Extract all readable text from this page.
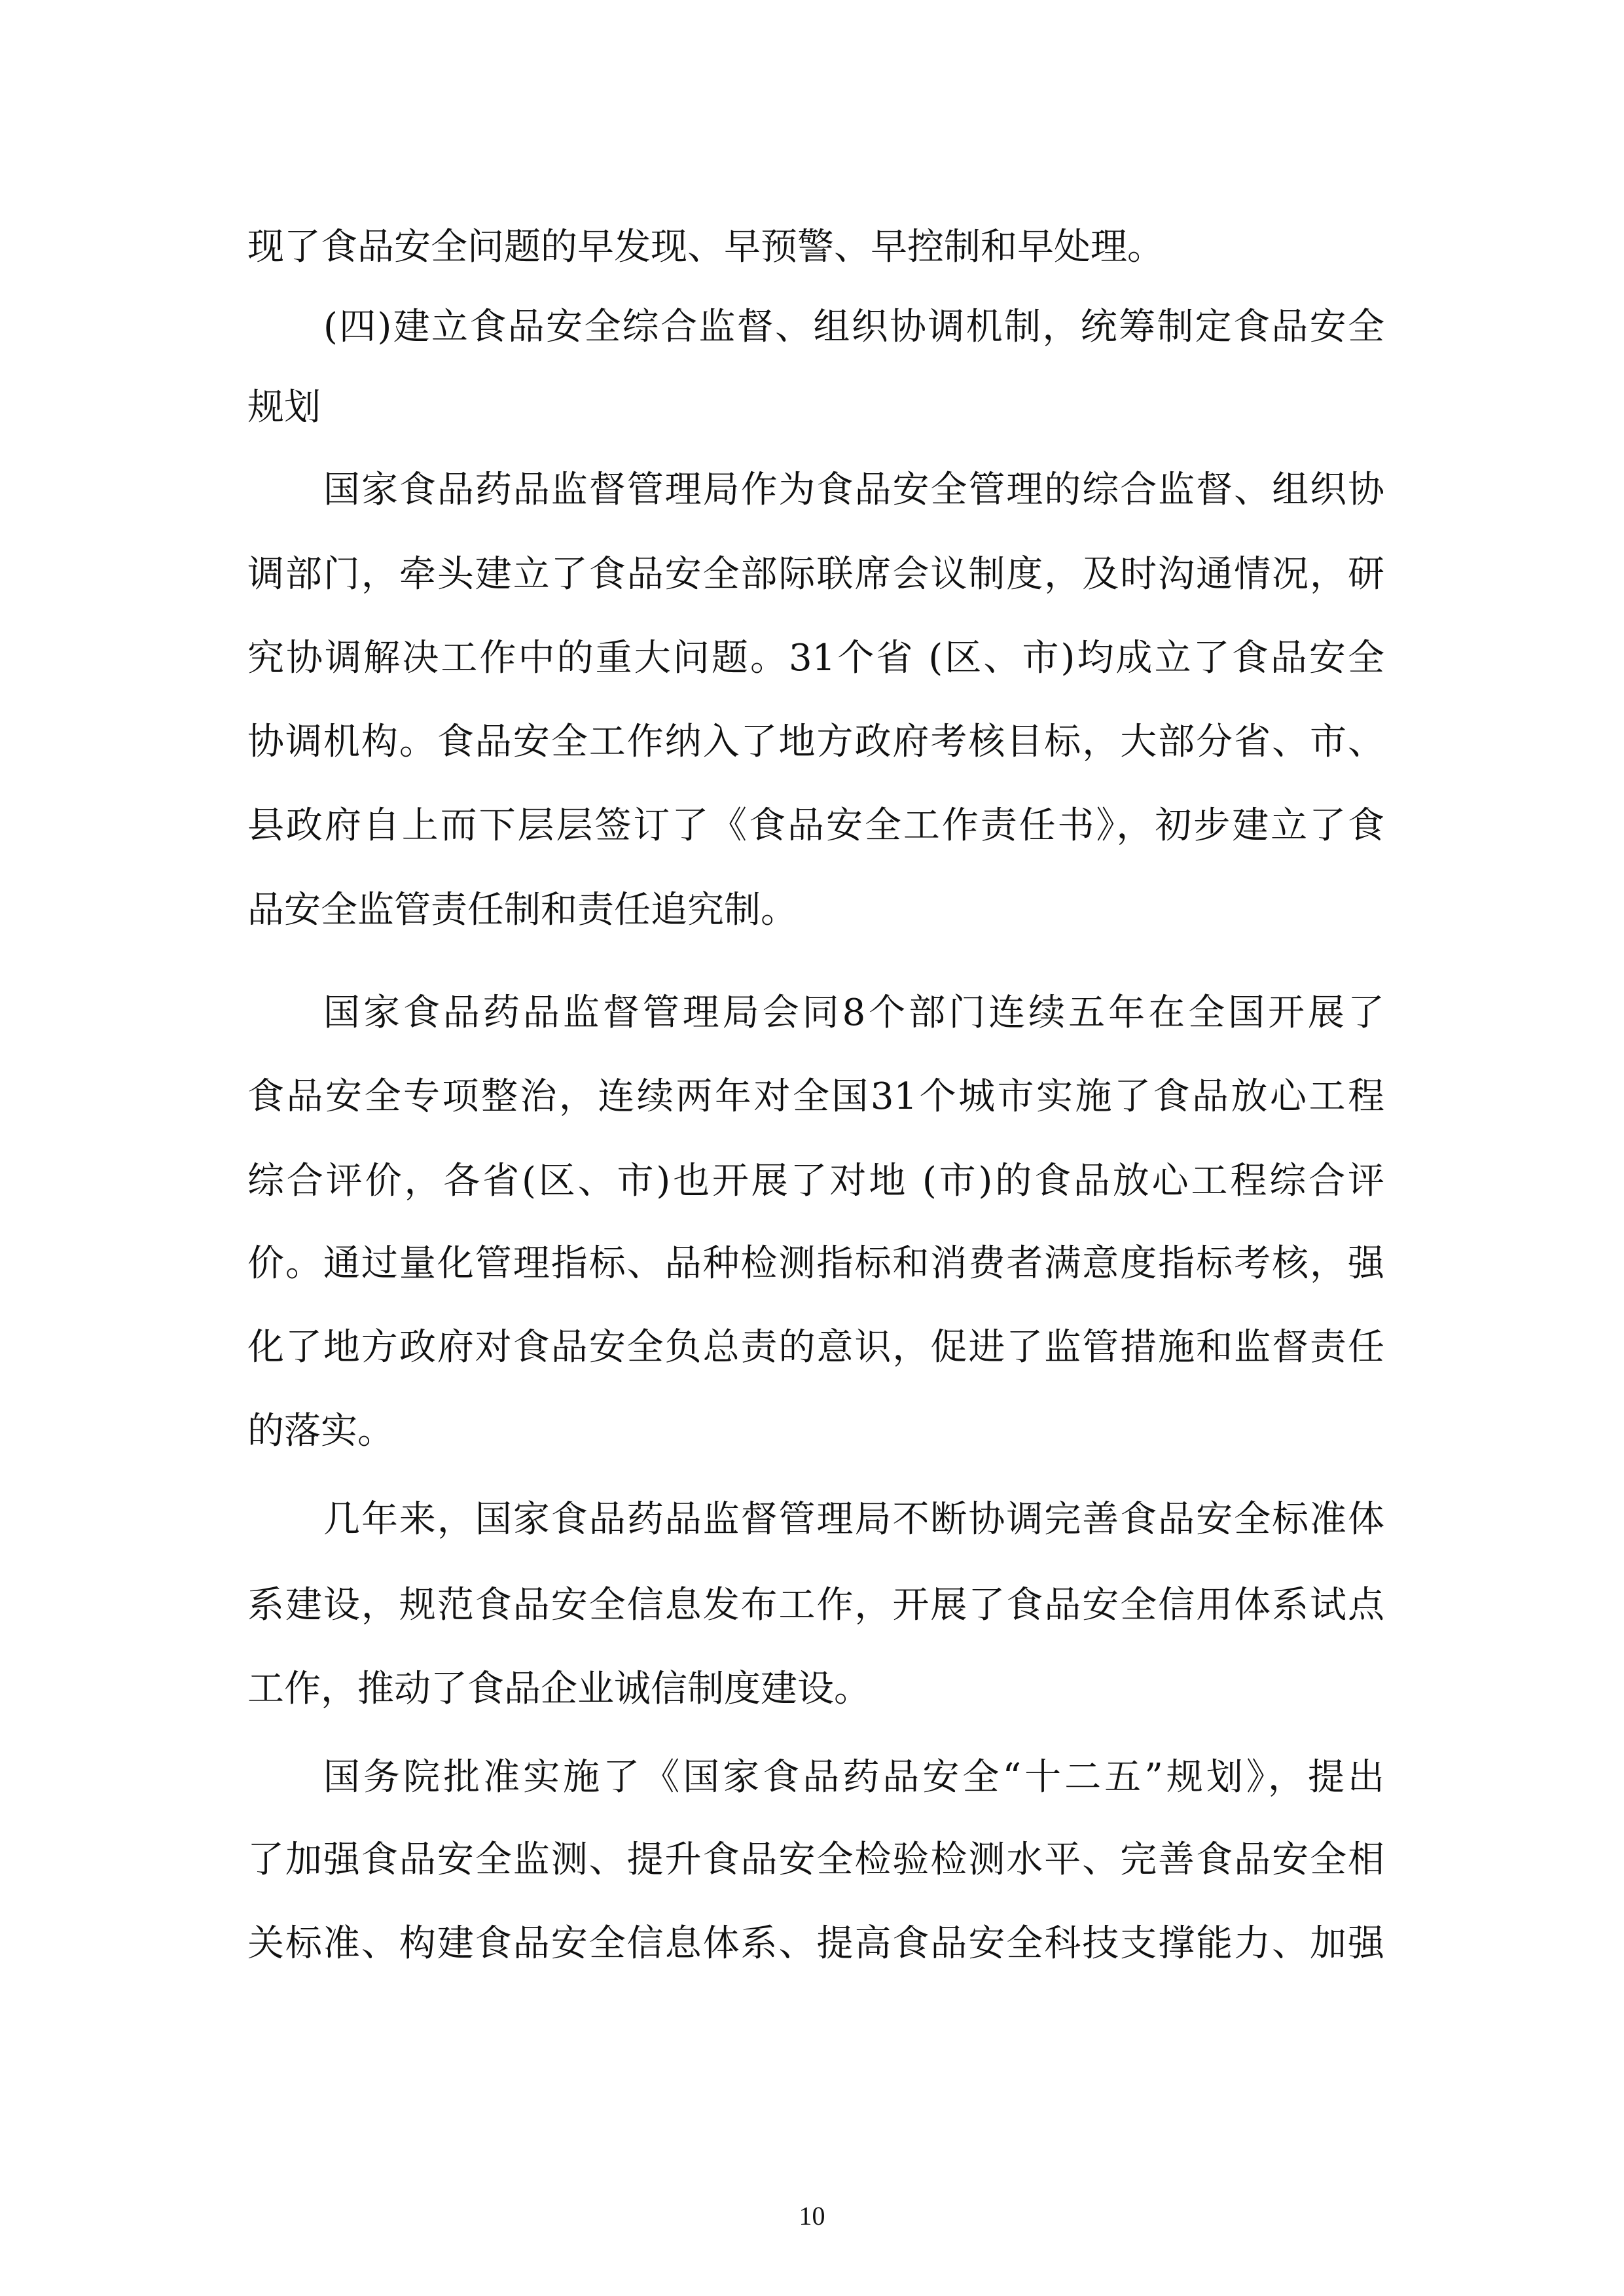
现了食品安全问题的早发现、早预警、早控制和早处理。
(四)建立食品安全综合监督、组织协调机制，统筹制定食品安全
规划
国家食品药品监督管理局作为食品安全管理的综合监督、组织协
调部门，牵头建立了食品安全部际联席会议制度，及时沟通情况，研
究协调解决工作中的重大问题。31个省 (区、市)均成立了食品安全
协调机构。食品安全工作纳入了地方政府考核目标，大部分省、市、
县政府自上而下层层签订了《食品安全工作责任书》，初步建立了食
品安全监管责任制和责任追究制。
国家食品药品监督管理局会同8个部门连续五年在全国开展了
食品安全专项整治，连续两年对全国31个城市实施了食品放心工程
综合评价，各省(区、市)也开展了对地 (市)的食品放心工程综合评
价。通过量化管理指标、品种检测指标和消费者满意度指标考核，强
化了地方政府对食品安全负总责的意识，促进了监管措施和监督责任
的落实。
几年来，国家食品药品监督管理局不断协调完善食品安全标准体
系建设，规范食品安全信息发布工作，开展了食品安全信用体系试点
工作，推动了食品企业诚信制度建设。
国务院批准实施了《国家食品药品安全“十二五”规划》，提出
了加强食品安全监测、提升食品安全检验检测水平、完善食品安全相
关标准、构建食品安全信息体系、提高食品安全科技支撑能力、加强
10
